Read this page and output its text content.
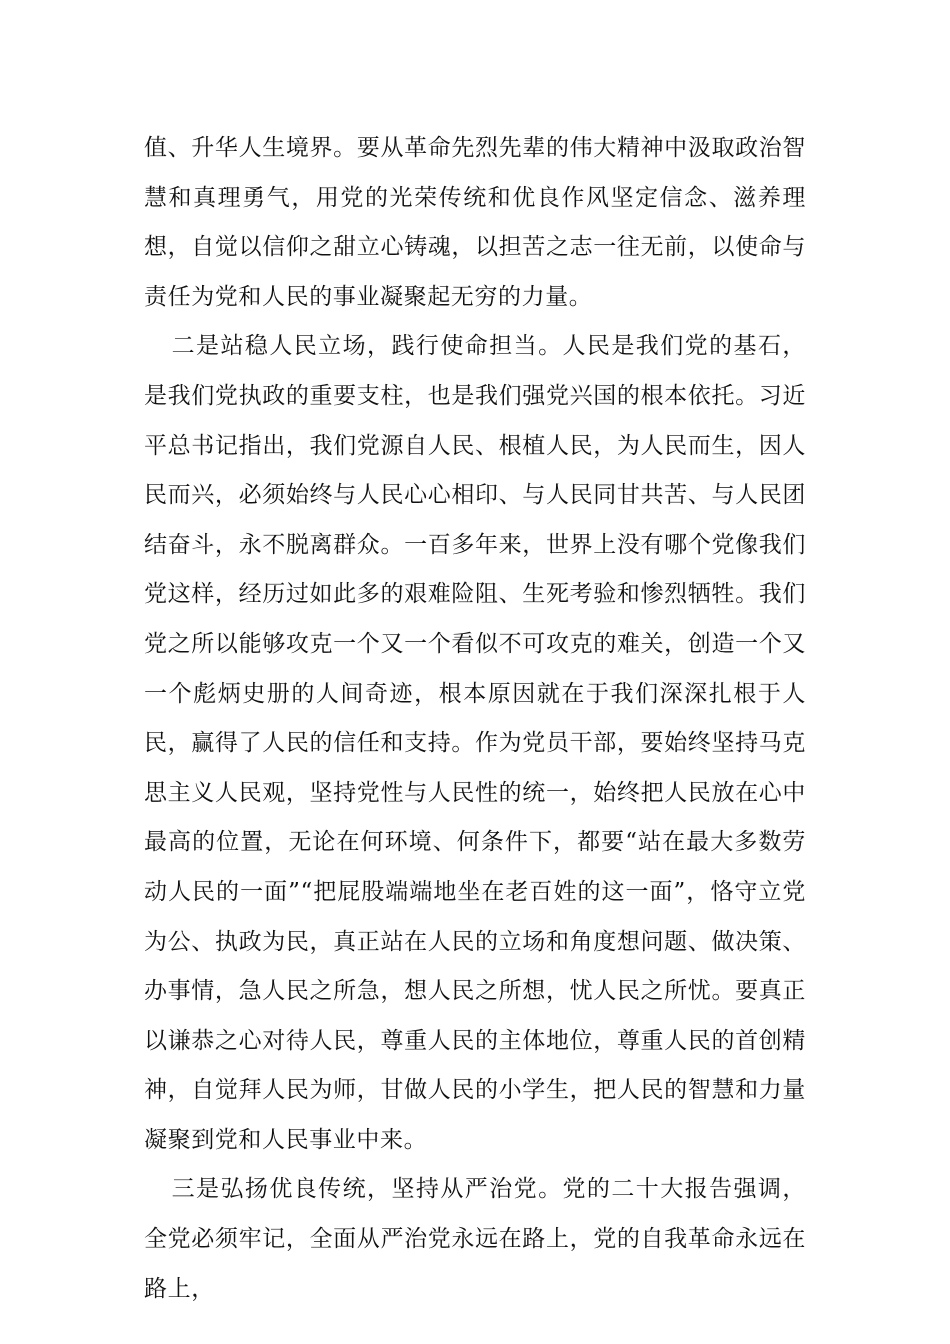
值、升华人生境界。要从革命先烈先辈的伟大精神中汲取政治智慧和真理勇气，用党的光荣传统和优良作风坚定信念、滋养理想，自觉以信仰之甜立心铸魂，以担苦之志一往无前，以使命与责任为党和人民的事业凝聚起无穷的力量。

二是站稳人民立场，践行使命担当。人民是我们党的基石，是我们党执政的重要支柱，也是我们强党兴国的根本依托。习近平总书记指出，我们党源自人民、根植人民，为人民而生，因人民而兴，必须始终与人民心心相印、与人民同甘共苦、与人民团结奋斗，永不脱离群众。一百多年来，世界上没有哪个党像我们党这样，经历过如此多的艰难险阻、生死考验和惨烈牺牲。我们党之所以能够攻克一个又一个看似不可攻克的难关，创造一个又一个彪炳史册的人间奇迹，根本原因就在于我们深深扎根于人民，赢得了人民的信任和支持。作为党员干部，要始终坚持马克思主义人民观，坚持党性与人民性的统一，始终把人民放在心中最高的位置，无论在何环境、何条件下，都要“站在最大多数劳动人民的一面”“把屁股端端地坐在老百姓的这一面”，恪守立党为公、执政为民，真正站在人民的立场和角度想问题、做决策、办事情，急人民之所急，想人民之所想，忧人民之所忧。要真正以谦恭之心对待人民，尊重人民的主体地位，尊重人民的首创精神，自觉拜人民为师，甘做人民的小学生，把人民的智慧和力量凝聚到党和人民事业中来。

三是弘扬优良传统，坚持从严治党。党的二十大报告强调，全党必须牢记，全面从严治党永远在路上，党的自我革命永远在路上，
